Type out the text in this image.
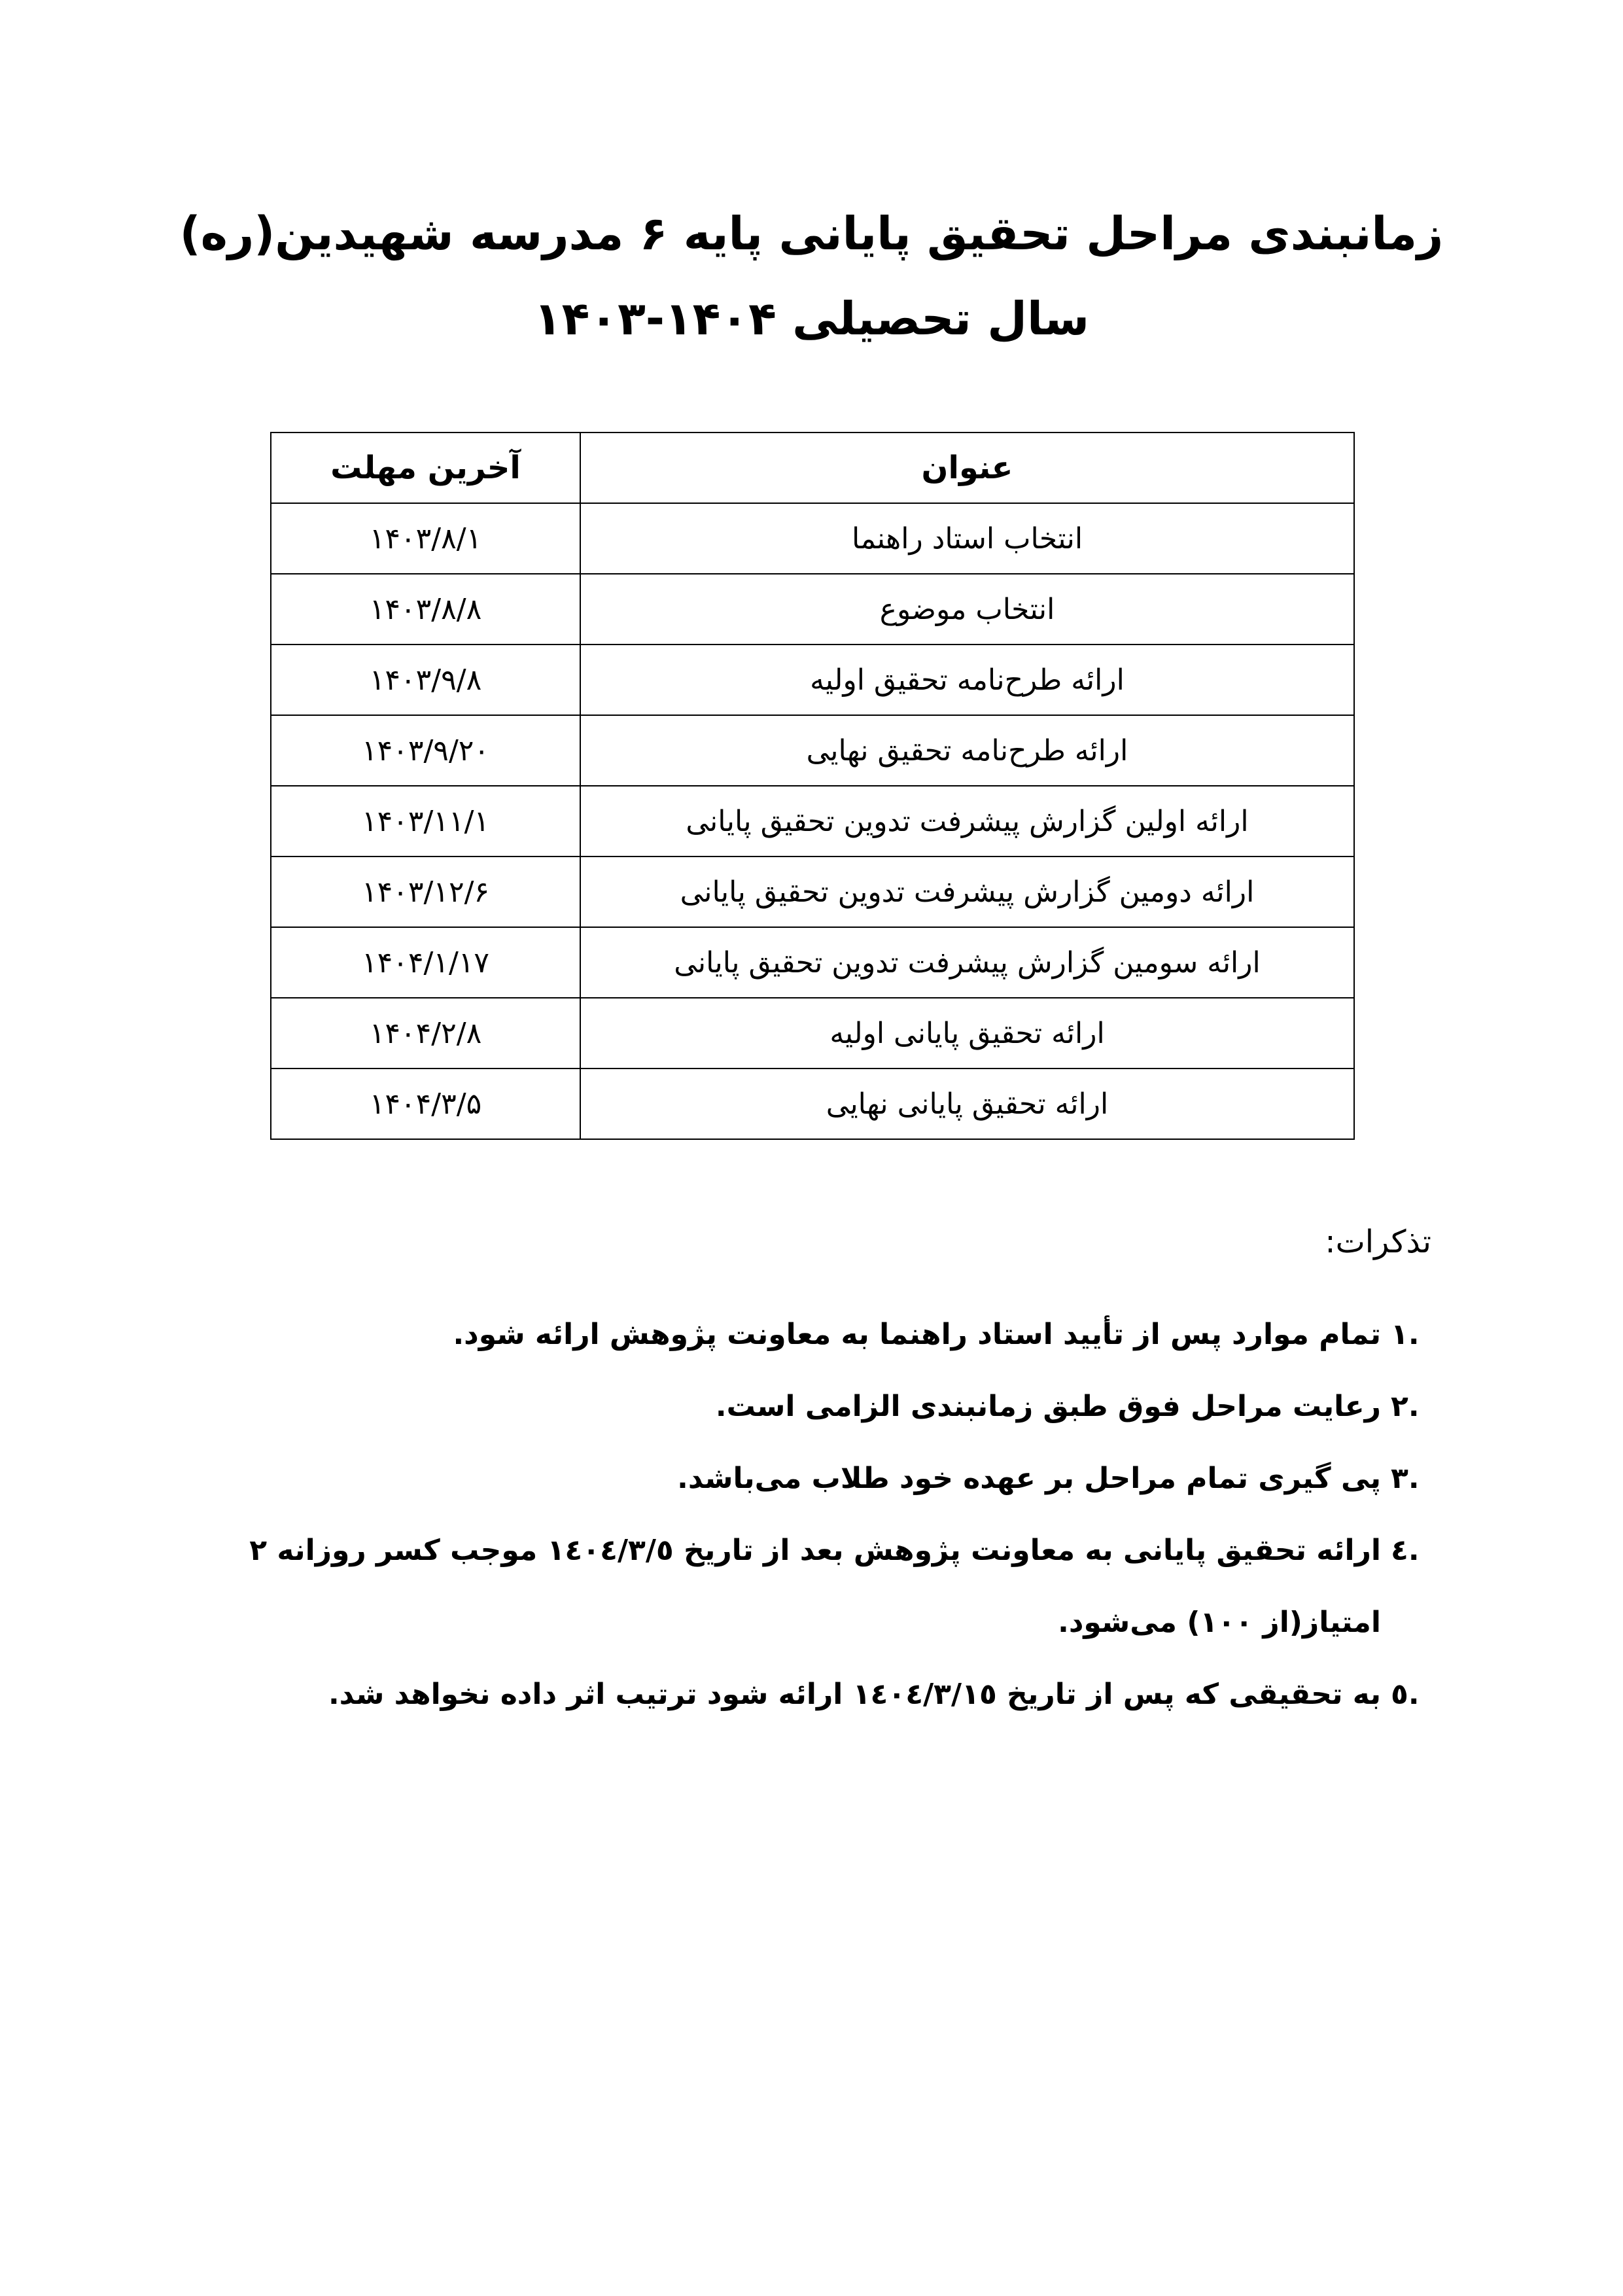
زمانبندی مراحل تحقیق پایانی پایه ۶ مدرسه شهیدین(ره)
سال تحصیلی ۱۴۰۴-۱۴۰۳
عنوان	آخرین مهلت
انتخاب استاد راهنما	۱۴۰۳/۸/۱
انتخاب موضوع	۱۴۰۳/۸/۸
ارائه طرح‌نامه تحقیق اولیه	۱۴۰۳/۹/۸
ارائه طرح‌نامه تحقیق نهایی	۱۴۰۳/۹/۲۰
ارائه اولین گزارش پیشرفت تدوین تحقیق پایانی	۱۴۰۳/۱۱/۱
ارائه دومین گزارش پیشرفت تدوین تحقیق پایانی	۱۴۰۳/۱۲/۶
ارائه سومین گزارش پیشرفت تدوین تحقیق پایانی	۱۴۰۴/۱/۱۷
ارائه تحقیق پایانی اولیه	۱۴۰۴/۲/۸
ارائه تحقیق پایانی نهایی	۱۴۰۴/۳/۵
تذکرات:
۱.
تمام موارد پس از تأیید استاد راهنما به معاونت پژوهش ارائه شود.
۲.
رعایت مراحل فوق طبق زمانبندی الزامی است.
۳.
پی گیری تمام مراحل بر عهده خود طلاب می‌باشد.
٤.
ارائه تحقیق پایانی به معاونت پژوهش بعد از تاریخ ۱٤٠٤/۳/٥ موجب کسر روزانه ۲ امتیاز(از ۱۰۰) می‌شود.
٥.
به تحقیقی که پس از تاریخ ۱٤٠٤/۳/۱٥ ارائه شود ترتیب اثر داده نخواهد شد.
